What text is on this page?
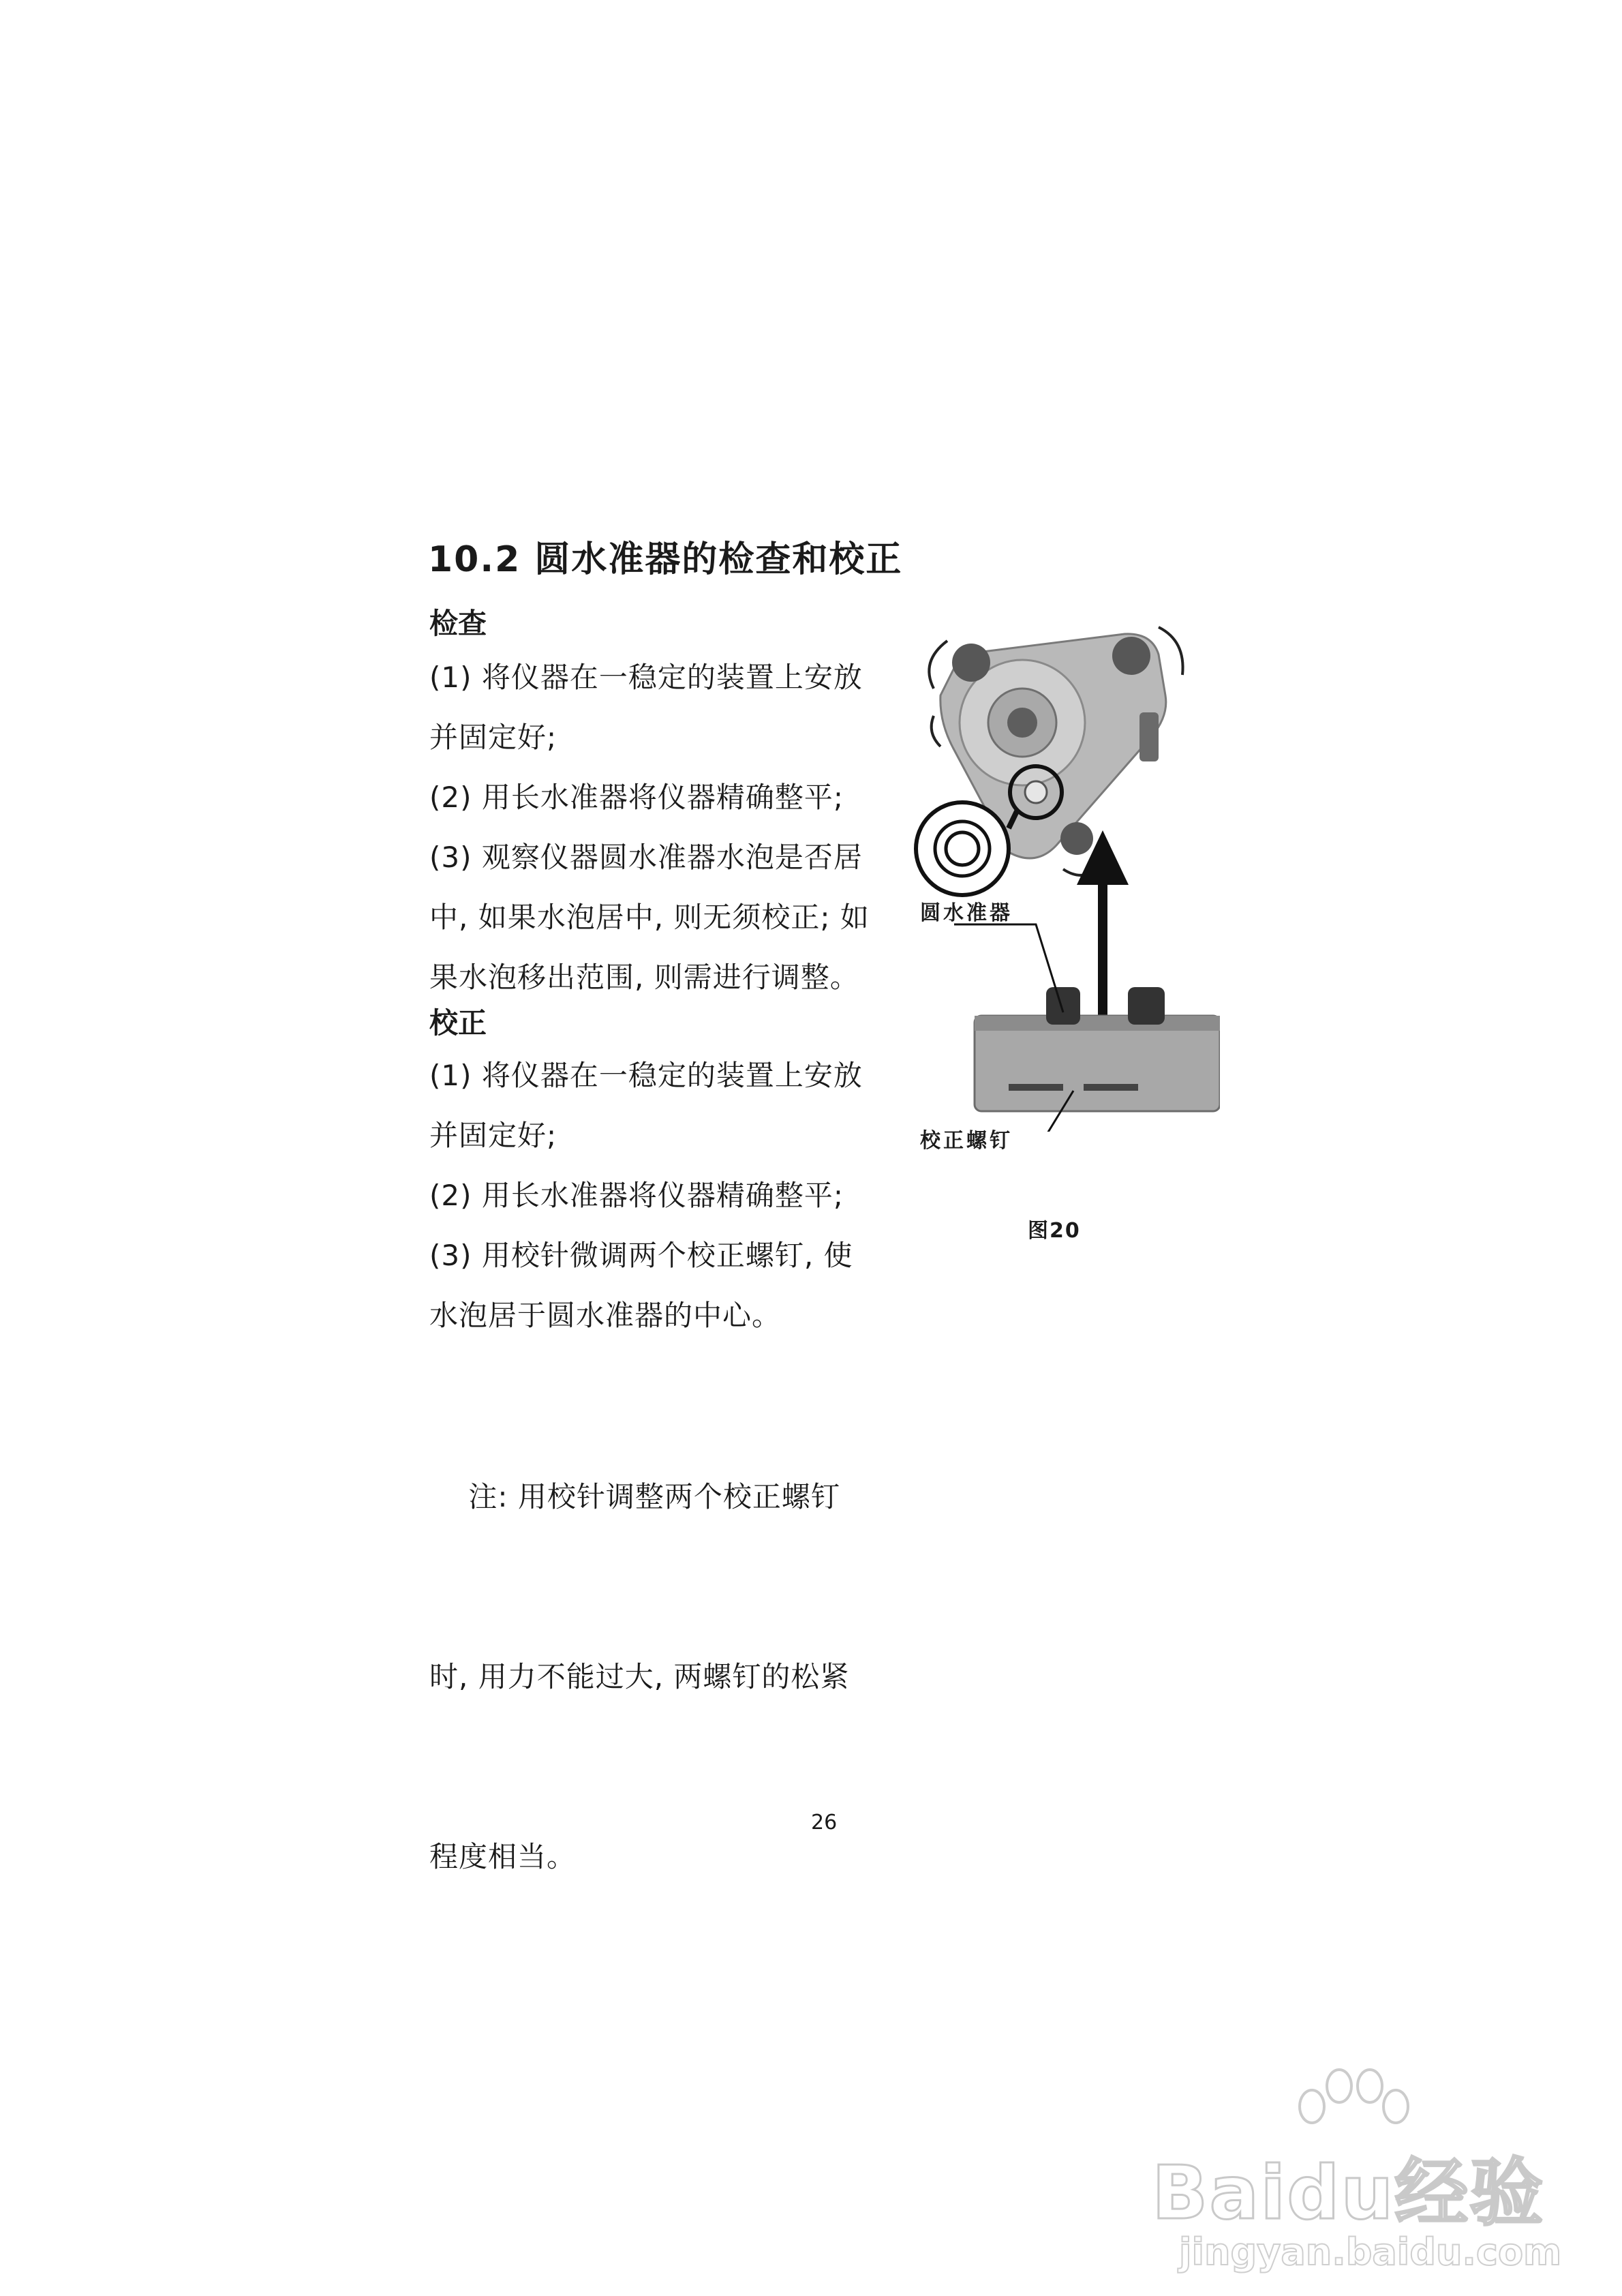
10.2 圆水准器的检查和校正
检查

(1) 将仪器在一稳定的装置上安放
并固定好;

(2) 用长水准器将仪器精确整平;

(3) 观察仪器圆水准器水泡是否居
中, 如果水泡居中, 则无须校正; 如
果水泡移出范围, 则需进行调整。

校正

(1) 将仪器在一稳定的装置上安放
并固定好;

(2) 用长水准器将仪器精确整平;

(3) 用校针微调两个校正螺钉, 使
水泡居于圆水准器的中心。

注: 用校针调整两个校正螺钉

时, 用力不能过大, 两螺钉的松紧

程度相当。

圆水准器
校正螺钉
图20
26
Baidu经验
jingyan.baidu.com
